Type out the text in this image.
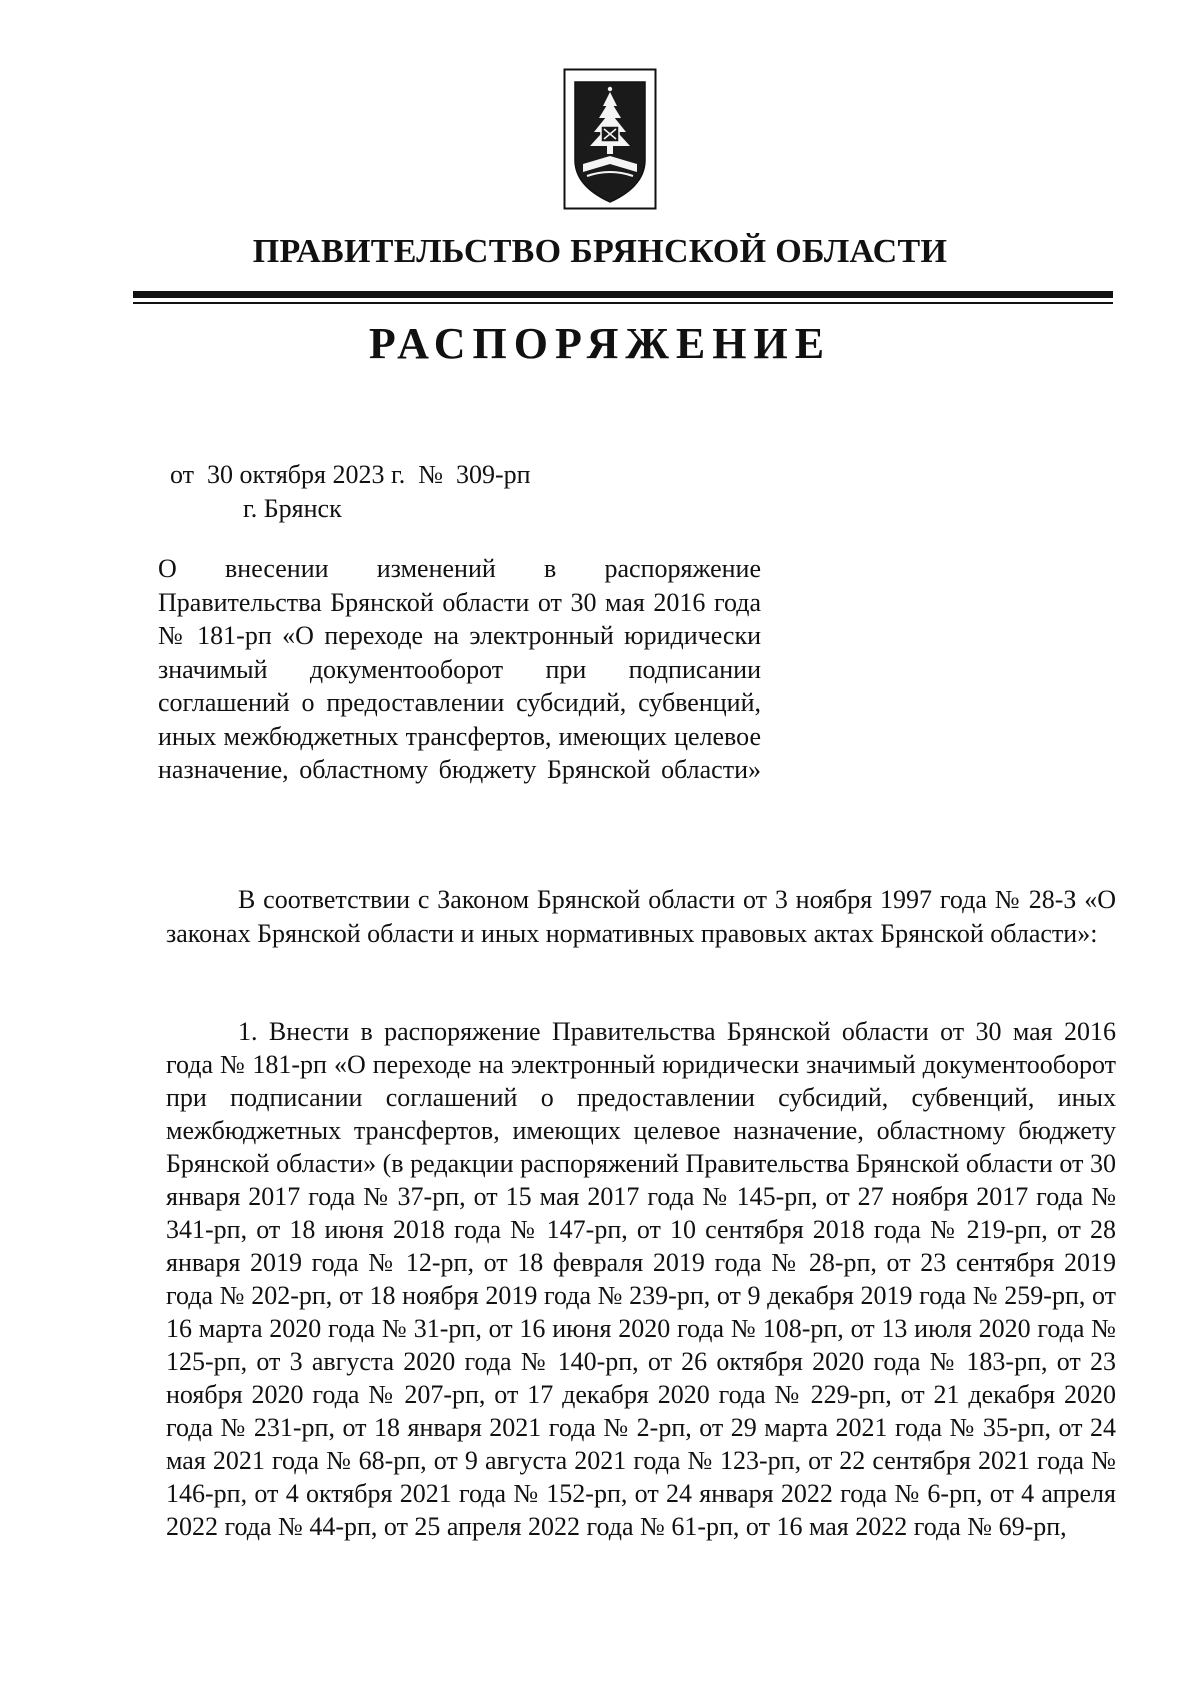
ПРАВИТЕЛЬСТВО БРЯНСКОЙ ОБЛАСТИ
РАСПОРЯЖЕНИЕ
от  30 октября 2023 г.  №  309-рп
г. Брянск
О внесении изменений в распоряжение Правительства Брянской области от 30 мая 2016 года № 181-рп «О переходе на электронный юридически значимый документооборот при подписании соглашений о предоставлении субсидий, субвенций, иных межбюджетных трансфертов, имеющих целевое назначение, областному бюджету Брянской области»
В соответствии с Законом Брянской области от 3 ноября 1997 года № 28-З «О законах Брянской области и иных нормативных правовых актах Брянской области»:
1. Внести в распоряжение Правительства Брянской области от 30 мая 2016 года № 181-рп «О переходе на электронный юридически значимый документооборот при подписании соглашений о предоставлении субсидий, субвенций, иных межбюджетных трансфертов, имеющих целевое назначение, областному бюджету Брянской области» (в редакции распоряжений Правительства Брянской области от 30 января 2017 года № 37-рп, от 15 мая 2017 года № 145-рп, от 27 ноября 2017 года № 341-рп, от 18 июня 2018 года № 147-рп, от 10 сентября 2018 года № 219-рп, от 28 января 2019 года № 12-рп, от 18 февраля 2019 года № 28-рп, от 23 сентября 2019 года № 202-рп, от 18 ноября 2019 года № 239-рп, от 9 декабря 2019 года № 259-рп, от 16 марта 2020 года № 31-рп, от 16 июня 2020 года № 108-рп, от 13 июля 2020 года № 125-рп, от 3 августа 2020 года № 140-рп, от 26 октября 2020 года № 183-рп, от 23 ноября 2020 года № 207-рп, от 17 декабря 2020 года № 229-рп, от 21 декабря 2020 года № 231-рп, от 18 января 2021 года № 2-рп, от 29 марта 2021 года № 35-рп, от 24 мая 2021 года № 68-рп, от 9 августа 2021 года № 123-рп, от 22 сентября 2021 года № 146-рп, от 4 октября 2021 года № 152-рп, от 24 января 2022 года № 6-рп, от 4 апреля 2022 года № 44-рп, от 25 апреля 2022 года № 61-рп, от 16 мая 2022 года № 69-рп,
